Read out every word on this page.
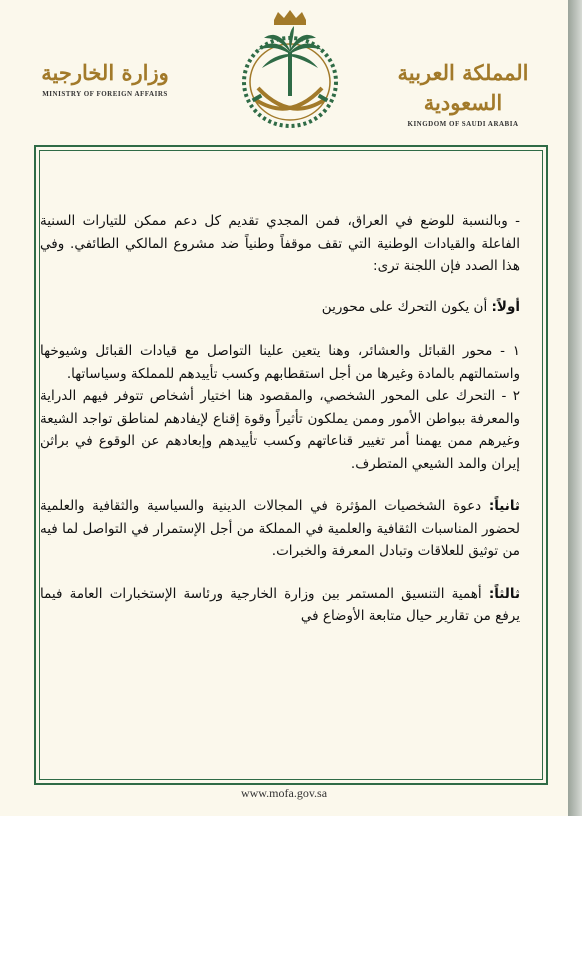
وزارة الخارجية
MINISTRY OF FOREIGN AFFAIRS
المملكة العربية السعودية
KINGDOM OF SAUDI ARABIA

- وبالنسبة للوضع في العراق، فمن المجدي تقديم كل دعم ممكن للتيارات السنية الفاعلة والقيادات الوطنية التي تقف موقفاً وطنياً ضد مشروع المالكي الطائفي. وفي هذا الصدد فإن اللجنة ترى:

أولاً: أن يكون التحرك على محورين

١ - محور القبائل والعشائر، وهنا يتعين علينا التواصل مع قيادات القبائل وشيوخها واستمالتهم بالمادة وغيرها من أجل استقطابهم وكسب تأييدهم للمملكة وسياساتها.

٢ - التحرك على المحور الشخصي، والمقصود هنا اختيار أشخاص تتوفر فيهم الدراية والمعرفة ببواطن الأمور وممن يملكون تأثيراً وقوة إقناع لإيفادهم لمناطق تواجد الشيعة وغيرهم ممن يهمنا أمر تغيير قناعاتهم وكسب تأييدهم وإبعادهم عن الوقوع في براثن إيران والمد الشيعي المتطرف.

ثانياً: دعوة الشخصيات المؤثرة في المجالات الدينية والسياسية والثقافية والعلمية لحضور المناسبات الثقافية والعلمية في المملكة من أجل الإستمرار في التواصل لما فيه من توثيق للعلاقات وتبادل المعرفة والخبرات.

ثالثاً: أهمية التنسيق المستمر بين وزارة الخارجية ورئاسة الإستخبارات العامة فيما يرفع من تقارير حيال متابعة الأوضاع في

www.mofa.gov.sa
